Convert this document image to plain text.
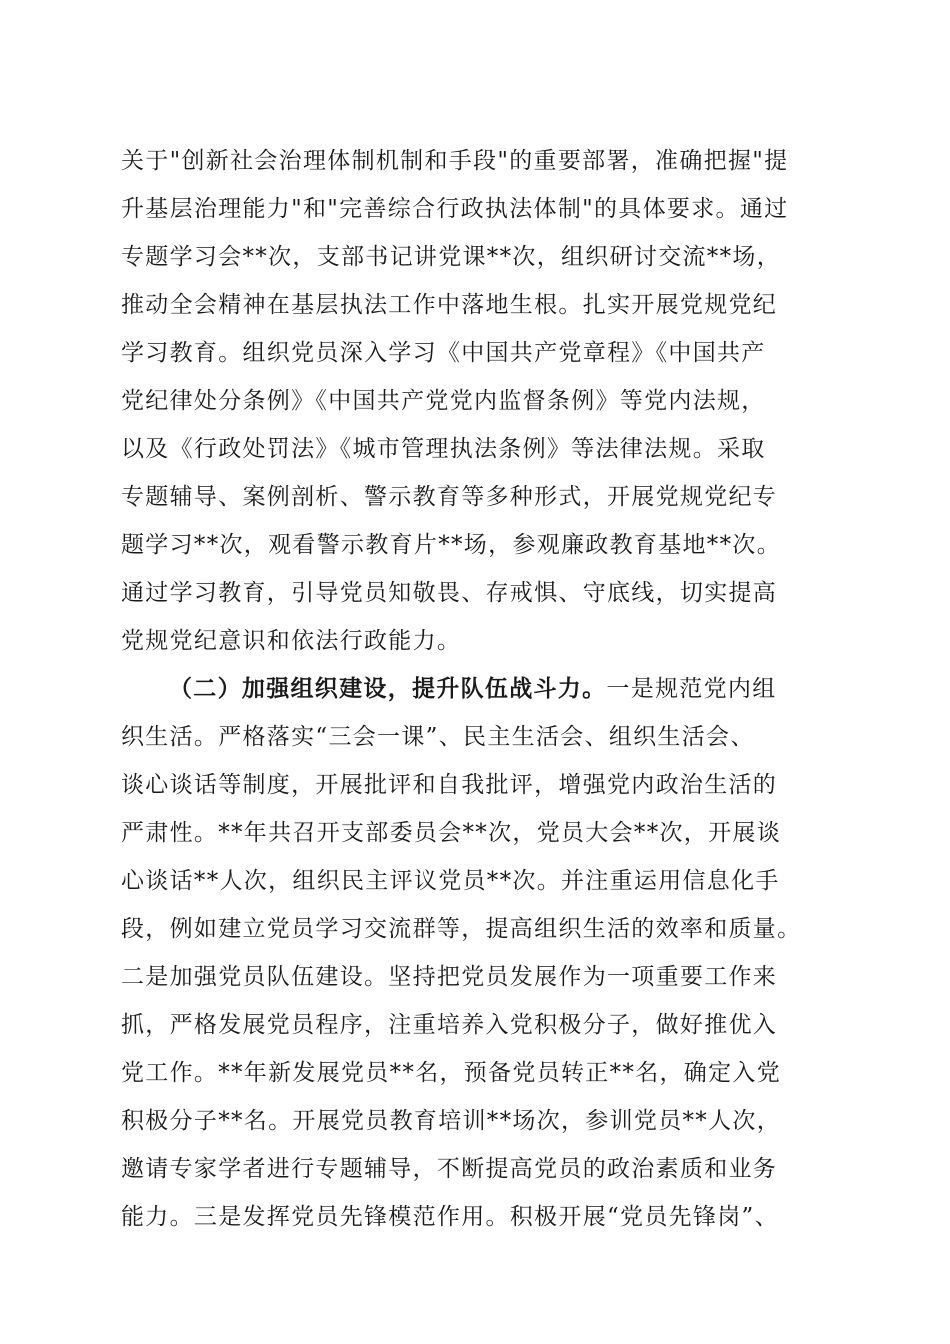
关于"创新社会治理体制机制和手段"的重要部署，准确把握"提
升基层治理能力"和"完善综合行政执法体制"的具体要求。通过
专题学习会**次，支部书记讲党课**次，组织研讨交流**场，
推动全会精神在基层执法工作中落地生根。扎实开展党规党纪
学习教育。组织党员深入学习《中国共产党章程》《中国共产
党纪律处分条例》《中国共产党党内监督条例》等党内法规，
以及《行政处罚法》《城市管理执法条例》等法律法规。采取
专题辅导、案例剖析、警示教育等多种形式，开展党规党纪专
题学习**次，观看警示教育片**场，参观廉政教育基地**次。
通过学习教育，引导党员知敬畏、存戒惧、守底线，切实提高
党规党纪意识和依法行政能力。
（二）加强组织建设，提升队伍战斗力。一是规范党内组
织生活。严格落实“三会一课”、民主生活会、组织生活会、
谈心谈话等制度，开展批评和自我批评，增强党内政治生活的
严肃性。**年共召开支部委员会**次，党员大会**次，开展谈
心谈话**人次，组织民主评议党员**次。并注重运用信息化手
段，例如建立党员学习交流群等，提高组织生活的效率和质量。
二是加强党员队伍建设。坚持把党员发展作为一项重要工作来
抓，严格发展党员程序，注重培养入党积极分子，做好推优入
党工作。**年新发展党员**名，预备党员转正**名，确定入党
积极分子**名。开展党员教育培训**场次，参训党员**人次，
邀请专家学者进行专题辅导，不断提高党员的政治素质和业务
能力。三是发挥党员先锋模范作用。积极开展“党员先锋岗”、
